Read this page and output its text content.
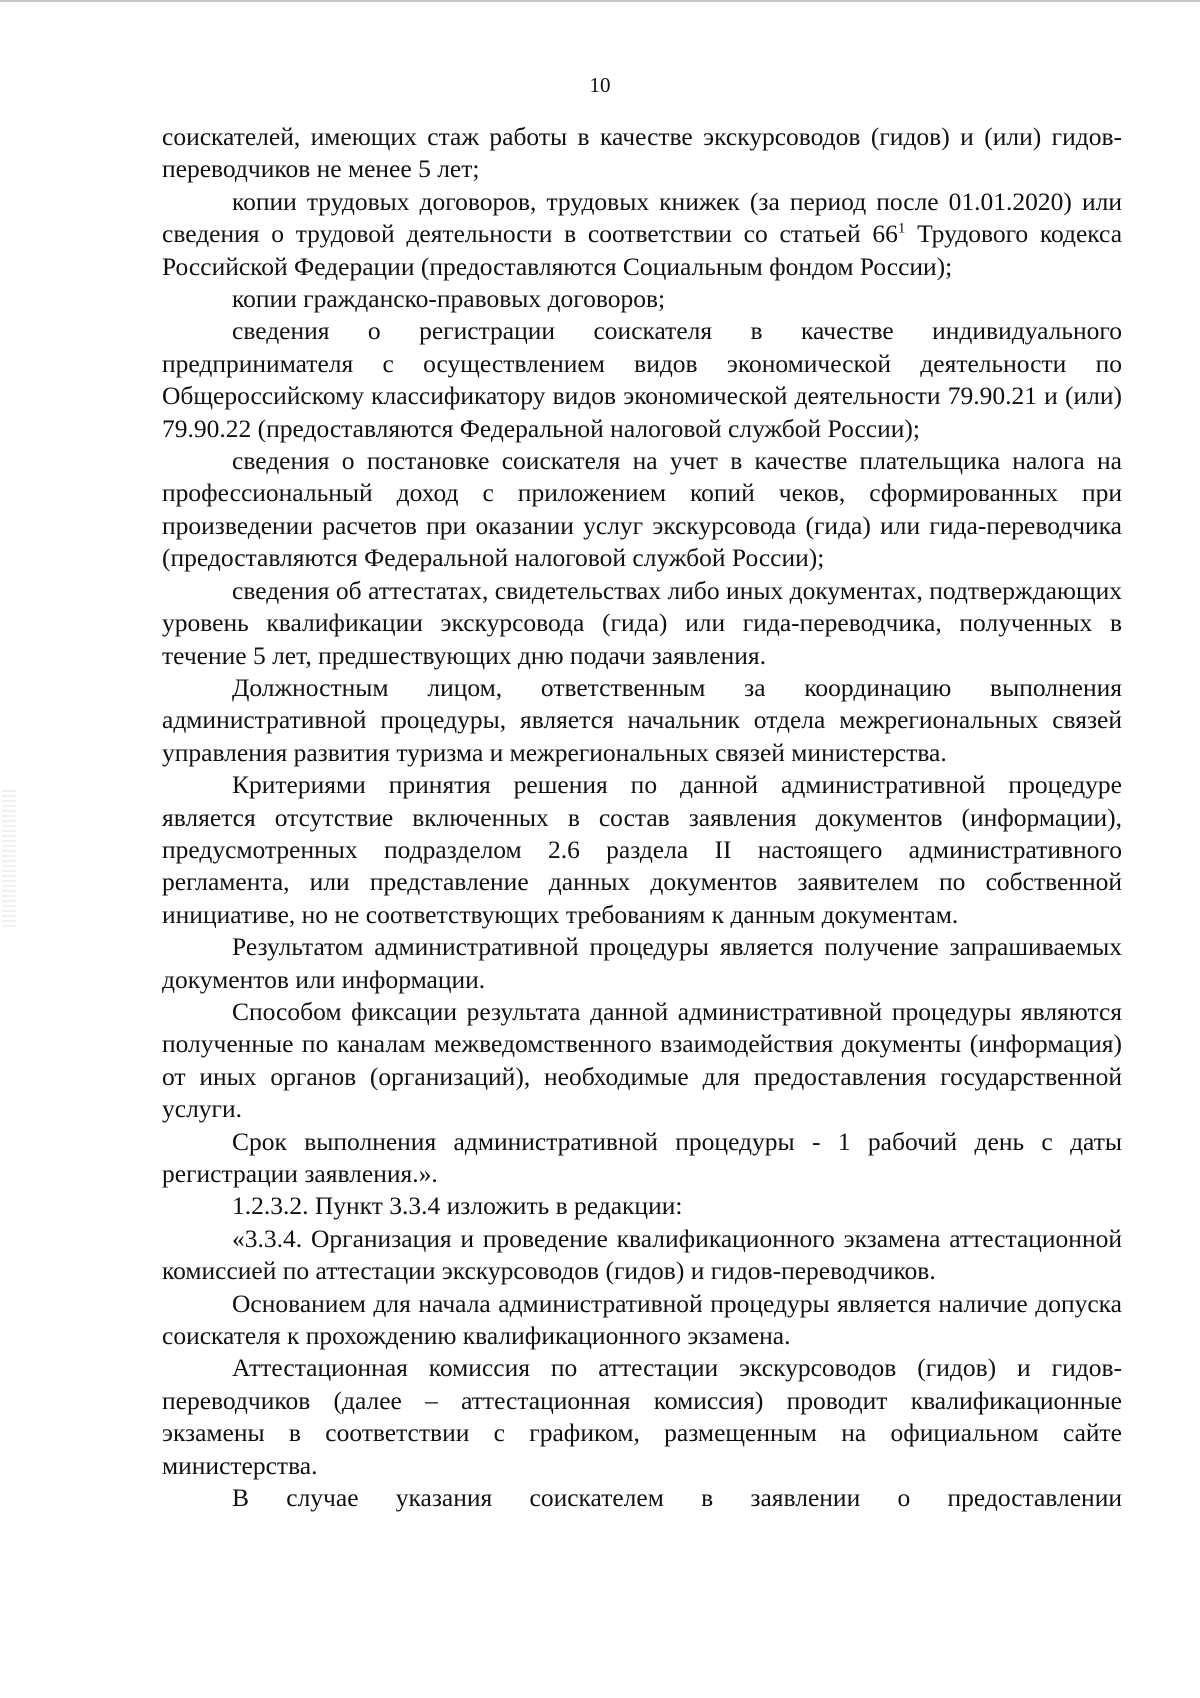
10

соискателей, имеющих стаж работы в качестве экскурсоводов (гидов) и (или) гидов-переводчиков не менее 5 лет;

копии трудовых договоров, трудовых книжек (за период после 01.01.2020) или сведения о трудовой деятельности в соответствии со статьей $66^1$ Трудового кодекса Российской Федерации (предоставляются Социальным фондом России);

копии гражданско-правовых договоров;

сведения о регистрации соискателя в качестве индивидуального предпринимателя с осуществлением видов экономической деятельности по Общероссийскому классификатору видов экономической деятельности 79.90.21 и (или) 79.90.22 (предоставляются Федеральной налоговой службой России);

сведения о постановке соискателя на учет в качестве плательщика налога на профессиональный доход с приложением копий чеков, сформированных при произведении расчетов при оказании услуг экскурсовода (гида) или гида-переводчика (предоставляются Федеральной налоговой службой России);

сведения об аттестатах, свидетельствах либо иных документах, подтверждающих уровень квалификации экскурсовода (гида) или гида-переводчика, полученных в течение 5 лет, предшествующих дню подачи заявления.

Должностным лицом, ответственным за координацию выполнения административной процедуры, является начальник отдела межрегиональных связей управления развития туризма и межрегиональных связей министерства.

Критериями принятия решения по данной административной процедуре является отсутствие включенных в состав заявления документов (информации), предусмотренных подразделом 2.6 раздела II настоящего административного регламента, или представление данных документов заявителем по собственной инициативе, но не соответствующих требованиям к данным документам.

Результатом административной процедуры является получение запрашиваемых документов или информации.

Способом фиксации результата данной административной процедуры являются полученные по каналам межведомственного взаимодействия документы (информация) от иных органов (организаций), необходимые для предоставления государственной услуги.

Срок выполнения административной процедуры - 1 рабочий день с даты регистрации заявления.».

1.2.3.2. Пункт 3.3.4 изложить в редакции:

«3.3.4. Организация и проведение квалификационного экзамена аттестационной комиссией по аттестации экскурсоводов (гидов) и гидов-переводчиков.

Основанием для начала административной процедуры является наличие допуска соискателя к прохождению квалификационного экзамена.

Аттестационная комиссия по аттестации экскурсоводов (гидов) и гидов-переводчиков (далее – аттестационная комиссия) проводит квалификационные экзамены в соответствии с графиком, размещенным на официальном сайте министерства.

В случае указания соискателем в заявлении о предоставлении
